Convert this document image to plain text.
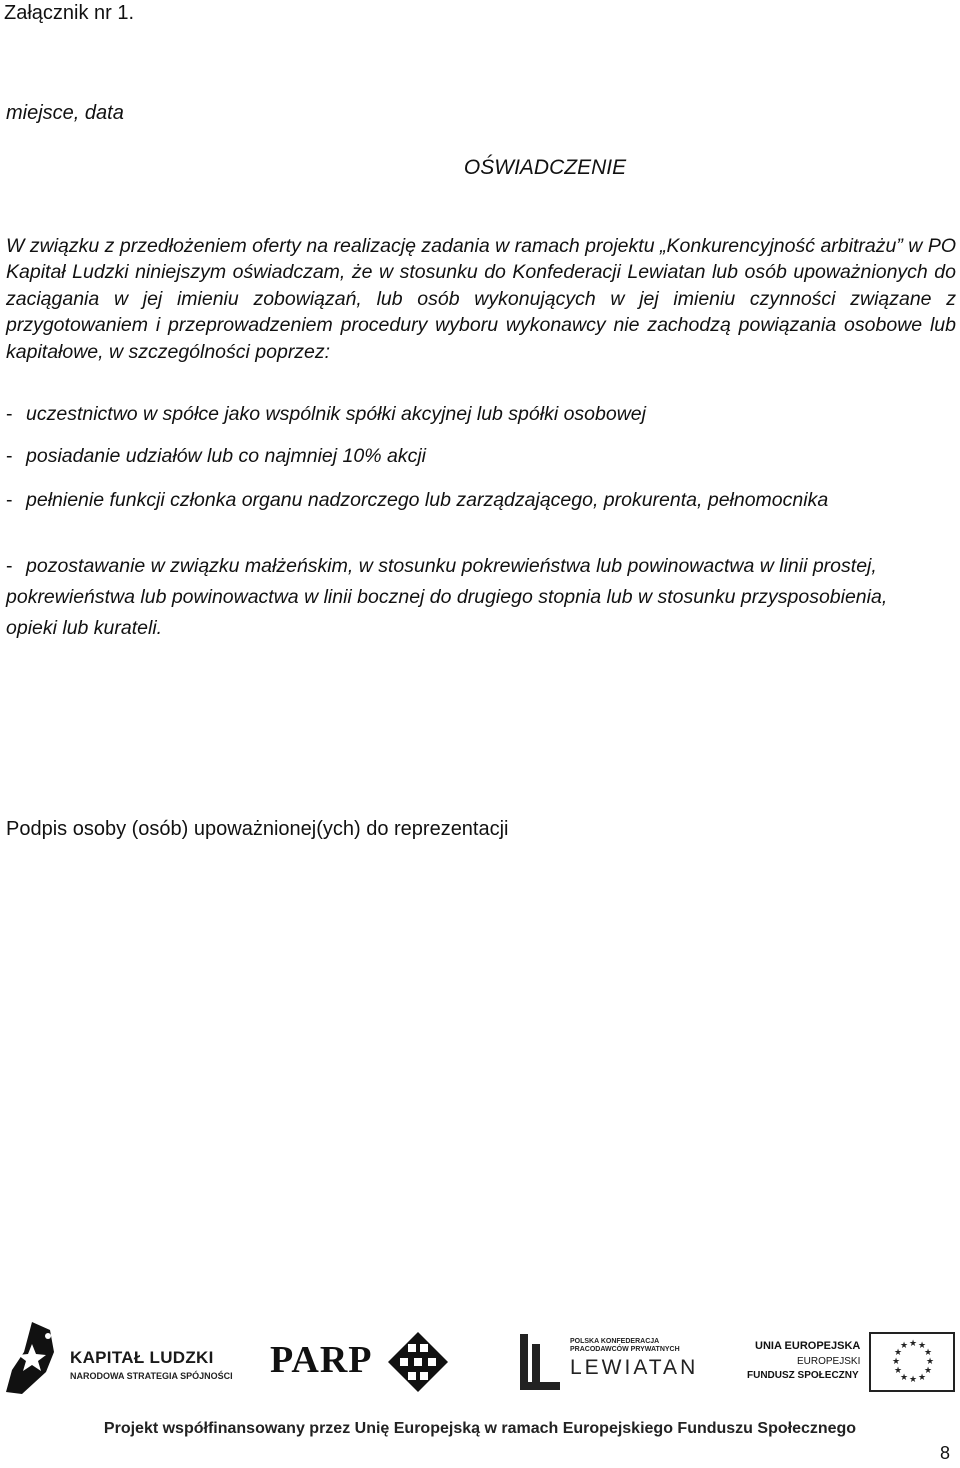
Załącznik nr 1.
miejsce, data
OŚWIADCZENIE
W związku z przedłożeniem oferty na realizację zadania w ramach projektu „Konkurencyjność arbitrażu” w PO Kapitał Ludzki niniejszym oświadczam, że w stosunku do Konfederacji Lewiatan lub osób upoważnionych do zaciągania w jej imieniu zobowiązań, lub osób wykonujących w jej imieniu czynności związane z przygotowaniem i przeprowadzeniem procedury wyboru wykonawcy nie zachodzą powiązania osobowe lub kapitałowe, w szczególności poprzez:
- uczestnictwo w spółce jako wspólnik spółki akcyjnej lub spółki osobowej
- posiadanie udziałów lub co najmniej 10% akcji
- pełnienie funkcji członka organu nadzorczego lub zarządzającego, prokurenta, pełnomocnika
- pozostawanie w związku małżeńskim, w stosunku pokrewieństwa lub powinowactwa w linii prostej, pokrewieństwa lub powinowactwa w linii bocznej do drugiego stopnia lub w stosunku przysposobienia, opieki lub kurateli.
Podpis osoby (osób) upoważnionej(ych) do reprezentacji
KAPITAŁ LUDZKI
NARODOWA STRATEGIA SPÓJNOŚCI PARP	POLSKA KONFEDERACJA
PRACODAWCÓW PRYWATNYCH
LEWIATAN
UNIA EUROPEJSKA
EUROPEJSKI
FUNDUSZ SPOŁECZNY
★ ★
★
★
★
★
★
★
★
★
★
★
Projekt współfinansowany przez Unię Europejską w ramach Europejskiego Funduszu Społecznego
8
